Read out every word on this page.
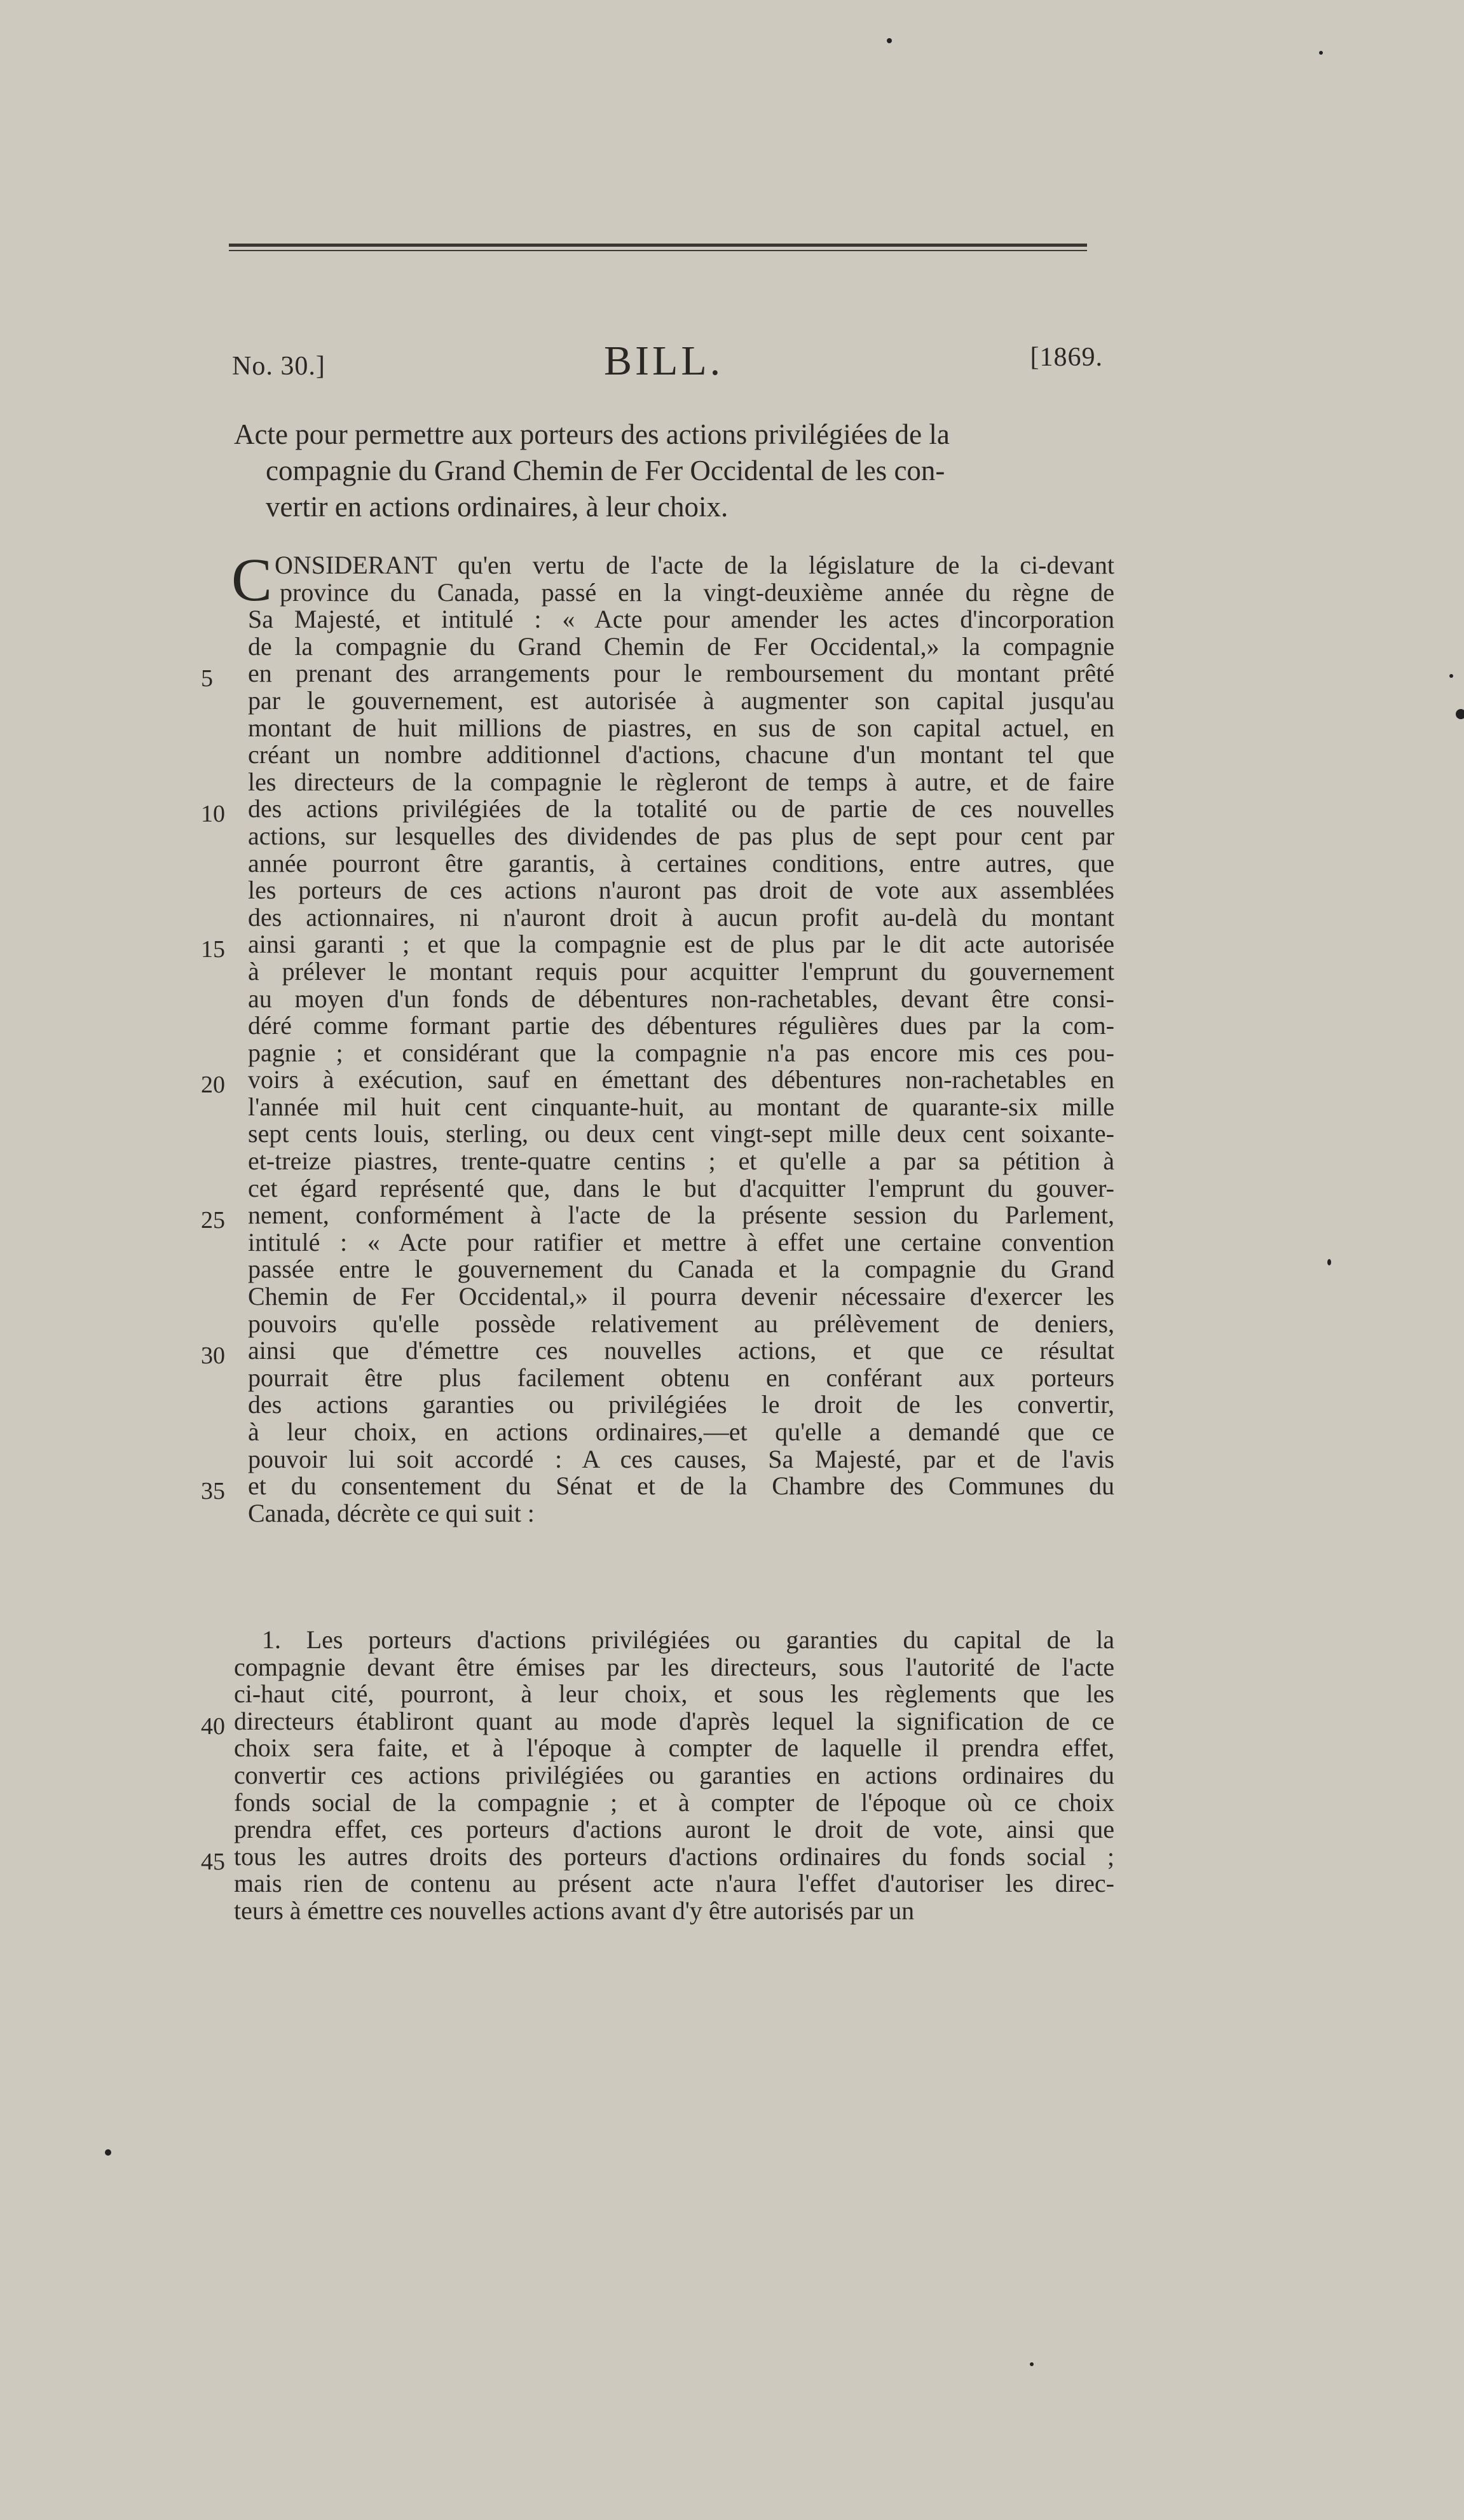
No. 30.]	BILL.	[1869.
Acte pour permettre aux porteurs des actions privilégiées de la
compagnie du Grand Chemin de Fer Occidental de les con-
vertir en actions ordinaires, à leur choix.
C ONSIDERANT qu'en vertu de l'acte de la législature de la ci-devant
province du Canada, passé en la vingt-deuxième année du règne de
Sa Majesté, et intitulé : « Acte pour amender les actes d'incorporation
de la compagnie du Grand Chemin de Fer Occidental,» la compagnie
5	en prenant des arrangements pour le remboursement du montant prêté
par le gouvernement, est autorisée à augmenter son capital jusqu'au
montant de huit millions de piastres, en sus de son capital actuel, en
créant un nombre additionnel d'actions, chacune d'un montant tel que
les directeurs de la compagnie le règleront de temps à autre, et de faire
10 des actions privilégiées de la totalité ou de partie de ces nouvelles
actions, sur lesquelles des dividendes de pas plus de sept pour cent par
année pourront être garantis, à certaines conditions, entre autres, que
les porteurs de ces actions n'auront pas droit de vote aux assemblées
des actionnaires, ni n'auront droit à aucun profit au-delà du montant
15 ainsi garanti ; et que la compagnie est de plus par le dit acte autorisée
à prélever le montant requis pour acquitter l'emprunt du gouvernement
au moyen d'un fonds de débentures non-rachetables, devant être consi-
déré comme formant partie des débentures régulières dues par la com-
pagnie ; et considérant que la compagnie n'a pas encore mis ces pou-
20 voirs à exécution, sauf en émettant des débentures non-rachetables en
l'année mil huit cent cinquante-huit, au montant de quarante-six mille
sept cents louis, sterling, ou deux cent vingt-sept mille deux cent soixante-
et-treize piastres, trente-quatre centins ; et qu'elle a par sa pétition à
cet égard représenté que, dans le but d'acquitter l'emprunt du gouver-
25 nement, conformément à l'acte de la présente session du Parlement,
intitulé : « Acte pour ratifier et mettre à effet une certaine convention
passée entre le gouvernement du Canada et la compagnie du Grand
Chemin de Fer Occidental,» il pourra devenir nécessaire d'exercer les
pouvoirs qu'elle possède relativement au prélèvement de deniers,
30 ainsi que d'émettre ces nouvelles actions, et que ce résultat
pourrait être plus facilement obtenu en conférant aux porteurs
des actions garanties ou privilégiées le droit de les convertir,
à leur choix, en actions ordinaires,—et qu'elle a demandé que ce
pouvoir lui soit accordé : A ces causes, Sa Majesté, par et de l'avis
35 et du consentement du Sénat et de la Chambre des Communes du
Canada, décrète ce qui suit :
1. Les porteurs d'actions privilégiées ou garanties du capital de la
compagnie devant être émises par les directeurs, sous l'autorité de l'acte
ci-haut cité, pourront, à leur choix, et sous les règlements que les
40 directeurs établiront quant au mode d'après lequel la signification de ce
choix sera faite, et à l'époque à compter de laquelle il prendra effet,
convertir ces actions privilégiées ou garanties en actions ordinaires du
fonds social de la compagnie ; et à compter de l'époque où ce choix
prendra effet, ces porteurs d'actions auront le droit de vote, ainsi que
45 tous les autres droits des porteurs d'actions ordinaires du fonds social ;
mais rien de contenu au présent acte n'aura l'effet d'autoriser les direc-
teurs à émettre ces nouvelles actions avant d'y être autorisés par un
